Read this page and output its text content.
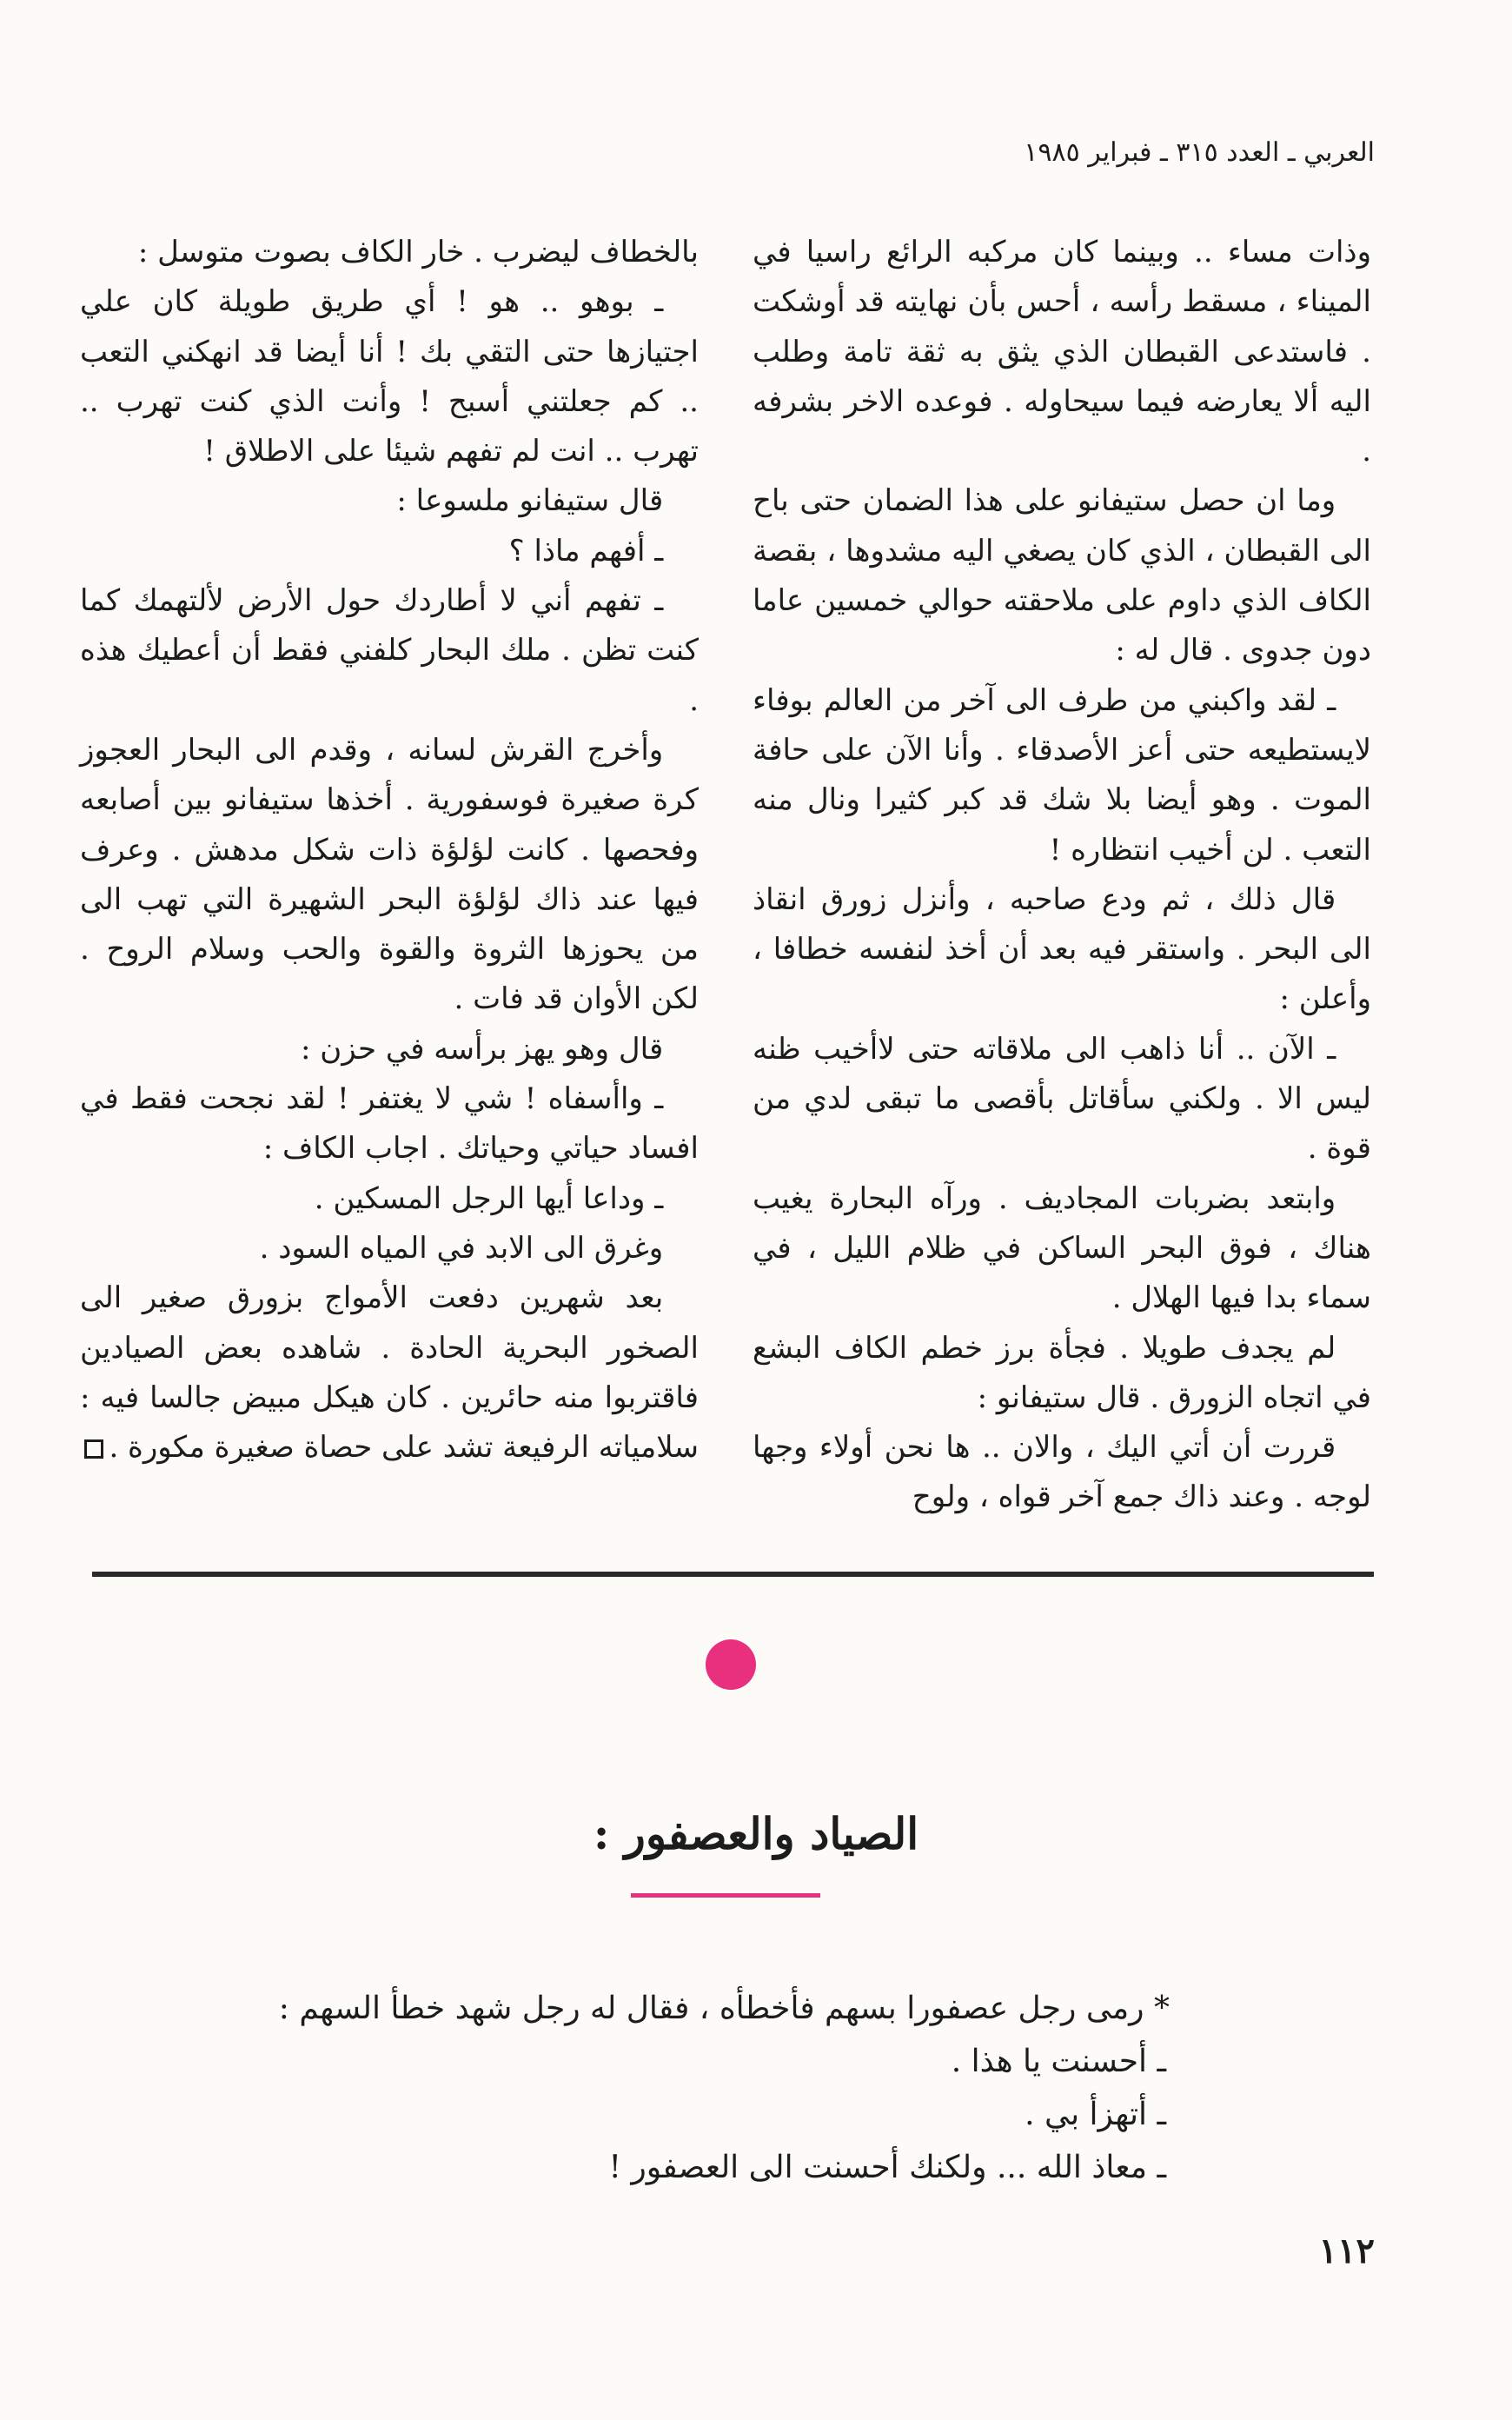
العربي ـ العدد ٣١٥ ـ فبراير ١٩٨٥

وذات مساء .. وبينما كان مركبه الرائع راسيا في الميناء ، مسقط رأسه ، أحس بأن نهايته قد أوشكت . فاستدعى القبطان الذي يثق به ثقة تامة وطلب اليه ألا يعارضه فيما سيحاوله . فوعده الاخر بشرفه .

وما ان حصل ستيفانو على هذا الضمان حتى باح الى القبطان ، الذي كان يصغي اليه مشدوها ، بقصة الكاف الذي داوم على ملاحقته حوالي خمسين عاما دون جدوى . قال له :

ـ لقد واكبني من طرف الى آخر من العالم بوفاء لايستطيعه حتى أعز الأصدقاء . وأنا الآن على حافة الموت . وهو أيضا بلا شك قد كبر كثيرا ونال منه التعب . لن أخيب انتظاره !

قال ذلك ، ثم ودع صاحبه ، وأنزل زورق انقاذ الى البحر . واستقر فيه بعد أن أخذ لنفسه خطافا ، وأعلن :

ـ الآن .. أنا ذاهب الى ملاقاته حتى لاأخيب ظنه ليس الا . ولكني سأقاتل بأقصى ما تبقى لدي من قوة .

وابتعد بضربات المجاديف . ورآه البحارة يغيب هناك ، فوق البحر الساكن في ظلام الليل ، في سماء بدا فيها الهلال .

لم يجدف طويلا . فجأة برز خطم الكاف البشع في اتجاه الزورق . قال ستيفانو :

قررت أن أتي اليك ، والان .. ها نحن أولاء وجها لوجه . وعند ذاك جمع آخر قواه ، ولوح

بالخطاف ليضرب . خار الكاف بصوت متوسل :

ـ بوهو .. هو ! أي طريق طويلة كان علي اجتيازها حتى التقي بك ! أنا أيضا قد انهكني التعب .. كم جعلتني أسبح ! وأنت الذي كنت تهرب .. تهرب .. انت لم تفهم شيئا على الاطلاق !

قال ستيفانو ملسوعا :

ـ أفهم ماذا ؟

ـ تفهم أني لا أطاردك حول الأرض لألتهمك كما كنت تظن . ملك البحار كلفني فقط أن أعطيك هذه .

وأخرج القرش لسانه ، وقدم الى البحار العجوز كرة صغيرة فوسفورية . أخذها ستيفانو بين أصابعه وفحصها . كانت لؤلؤة ذات شكل مدهش . وعرف فيها عند ذاك لؤلؤة البحر الشهيرة التي تهب الى من يحوزها الثروة والقوة والحب وسلام الروح . لكن الأوان قد فات .

قال وهو يهز برأسه في حزن :

ـ واأسفاه ! شي لا يغتفر ! لقد نجحت فقط في افساد حياتي وحياتك . اجاب الكاف :

ـ وداعا أيها الرجل المسكين .

وغرق الى الابد في المياه السود .

بعد شهرين دفعت الأمواج بزورق صغير الى الصخور البحرية الحادة . شاهده بعض الصيادين فاقتربوا منه حائرين . كان هيكل مبيض جالسا فيه : سلامياته الرفيعة تشد على حصاة صغيرة مكورة .

الصياد والعصفور :

* رمى رجل عصفورا بسهم فأخطأه ، فقال له رجل شهد خطأ السهم :

ـ أحسنت يا هذا .

ـ أتهزأ بي .

ـ معاذ الله ... ولكنك أحسنت الى العصفور !

١١٢
